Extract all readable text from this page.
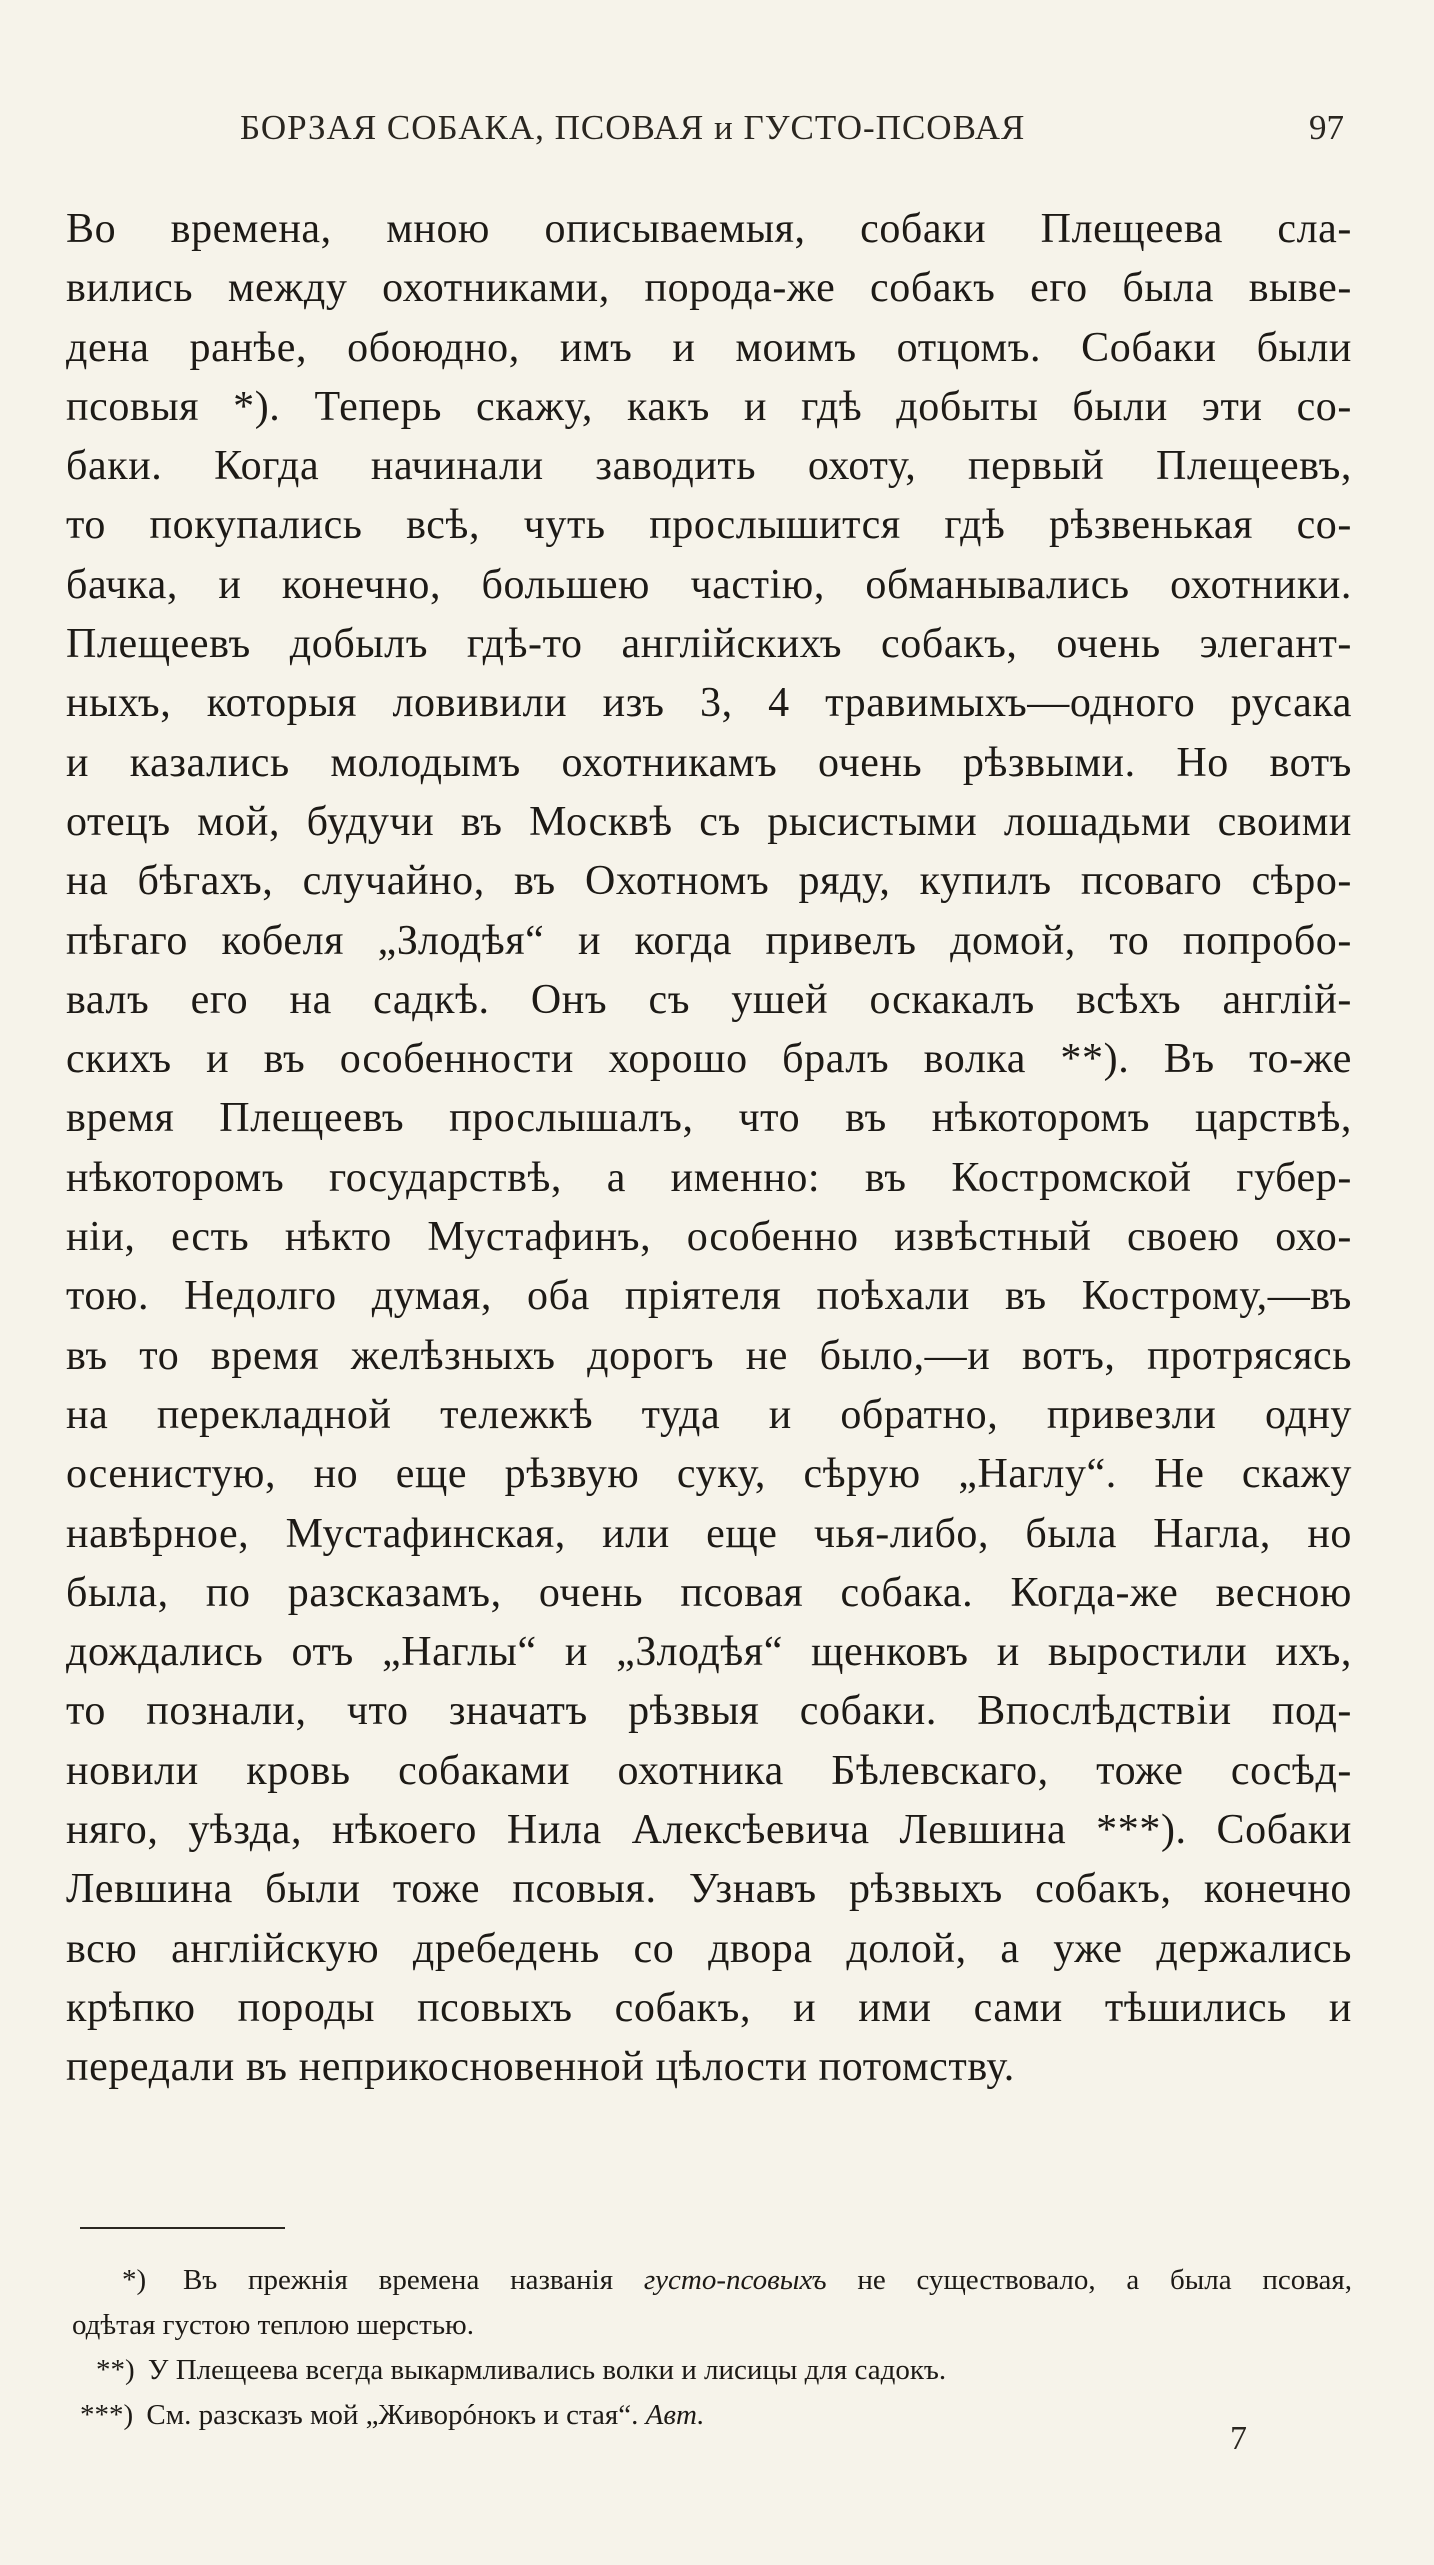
БОРЗАЯ СОБАКА, ПСОВАЯ и ГУСТО-ПСОВАЯ	97
Во времена, мною описываемыя, собаки Плещеева сла-
вились между охотниками, порода-же собакъ его была выве-
дена ранѣе, обоюдно, имъ и моимъ отцомъ. Собаки были
псовыя *). Теперь скажу, какъ и гдѣ добыты были эти со-
баки. Когда начинали заводить охоту, первый Плещеевъ,
то покупались всѣ, чуть прослышится гдѣ рѣзвенькая со-
бачка, и конечно, большею частію, обманывались охотники.
Плещеевъ добылъ гдѣ-то англійскихъ собакъ, очень элегант-
ныхъ, которыя ловивили изъ 3, 4 травимыхъ—одного русака
и казались молодымъ охотникамъ очень рѣзвыми. Но вотъ
отецъ мой, будучи въ Москвѣ съ рысистыми лошадьми своими
на бѣгахъ, случайно, въ Охотномъ ряду, купилъ псоваго сѣро-
пѣгаго кобеля „Злодѣя“ и когда привелъ домой, то попробо-
валъ его на садкѣ. Онъ съ ушей оскакалъ всѣхъ англій-
скихъ и въ особенности хорошо бралъ волка **). Въ то-же
время Плещеевъ прослышалъ, что въ нѣкоторомъ царствѣ,
нѣкоторомъ государствѣ, а именно: въ Костромской губер-
ніи, есть нѣкто Мустафинъ, особенно извѣстный своею охо-
тою. Недолго думая, оба пріятеля поѣхали въ Кострому,—въ
въ то время желѣзныхъ дорогъ не было,—и вотъ, протрясясь
на перекладной тележкѣ туда и обратно, привезли одну
осенистую, но еще рѣзвую суку, сѣрую „Наглу“. Не скажу
навѣрное, Мустафинская, или еще чья-либо, была Нагла, но
была, по разсказамъ, очень псовая собака. Когда-же весною
дождались отъ „Наглы“ и „Злодѣя“ щенковъ и выростили ихъ,
то познали, что значатъ рѣзвыя собаки. Впослѣдствіи под-
новили кровь собаками охотника Бѣлевскаго, тоже сосѣд-
няго, уѣзда, нѣкоего Нила Алексѣевича Левшина ***). Собаки
Левшина были тоже псовыя. Узнавъ рѣзвыхъ собакъ, конечно
всю англійскую дребедень со двора долой, а уже держались
крѣпко породы псовыхъ собакъ, и ими сами тѣшились и
передали въ неприкосновенной цѣлости потомству.
*) Въ прежнія времена названія густо-псовыхъ не существовало, а была псовая,
одѣтая густою теплою шерстью.
**) У Плещеева всегда выкармливались волки и лисицы для садокъ.
***) См. разсказъ мой „Живорóнокъ и стая“. Авт.
7
